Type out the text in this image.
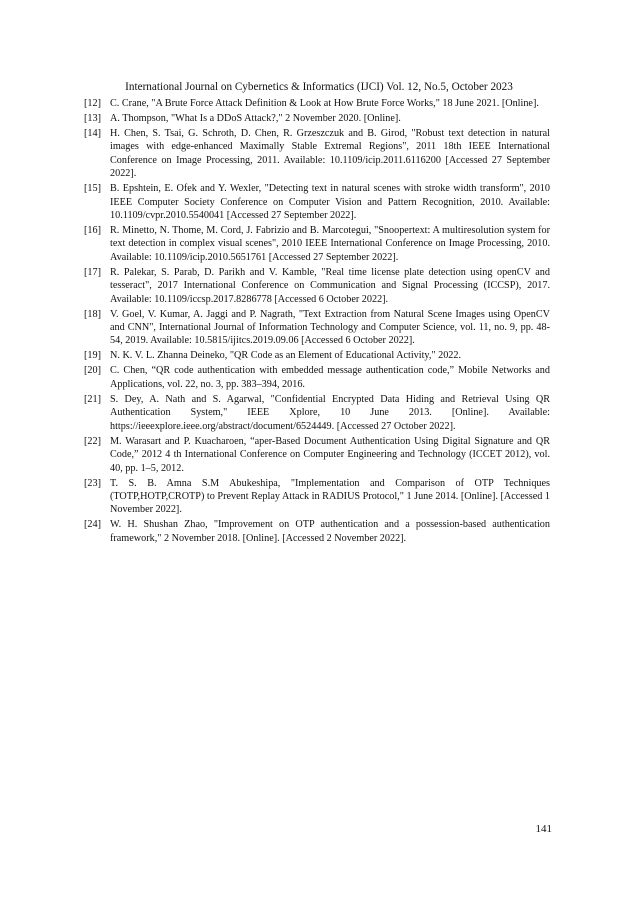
International Journal on Cybernetics & Informatics (IJCI) Vol. 12, No.5, October 2023
[12] C. Crane, "A Brute Force Attack Definition & Look at How Brute Force Works," 18 June 2021. [Online].
[13] A. Thompson, "What Is a DDoS Attack?," 2 November 2020. [Online].
[14] H. Chen, S. Tsai, G. Schroth, D. Chen, R. Grzeszczuk and B. Girod, "Robust text detection in natural images with edge-enhanced Maximally Stable Extremal Regions", 2011 18th IEEE International Conference on Image Processing, 2011. Available: 10.1109/icip.2011.6116200 [Accessed 27 September 2022].
[15] B. Epshtein, E. Ofek and Y. Wexler, "Detecting text in natural scenes with stroke width transform", 2010 IEEE Computer Society Conference on Computer Vision and Pattern Recognition, 2010. Available: 10.1109/cvpr.2010.5540041 [Accessed 27 September 2022].
[16] R. Minetto, N. Thome, M. Cord, J. Fabrizio and B. Marcotegui, "Snoopertext: A multiresolution system for text detection in complex visual scenes", 2010 IEEE International Conference on Image Processing, 2010. Available: 10.1109/icip.2010.5651761 [Accessed 27 September 2022].
[17] R. Palekar, S. Parab, D. Parikh and V. Kamble, "Real time license plate detection using openCV and tesseract", 2017 International Conference on Communication and Signal Processing (ICCSP), 2017. Available: 10.1109/iccsp.2017.8286778 [Accessed 6 October 2022].
[18] V. Goel, V. Kumar, A. Jaggi and P. Nagrath, "Text Extraction from Natural Scene Images using OpenCV and CNN", International Journal of Information Technology and Computer Science, vol. 11, no. 9, pp. 48-54, 2019. Available: 10.5815/ijitcs.2019.09.06 [Accessed 6 October 2022].
[19] N. K. V. L. Zhanna Deineko, "QR Code as an Element of Educational Activity," 2022.
[20] C. Chen, “QR code authentication with embedded message authentication code,” Mobile Networks and Applications, vol. 22, no. 3, pp. 383–394, 2016.
[21] S. Dey, A. Nath and S. Agarwal, "Confidential Encrypted Data Hiding and Retrieval Using QR Authentication System," IEEE Xplore, 10 June 2013. [Online]. Available: https://ieeexplore.ieee.org/abstract/document/6524449. [Accessed 27 October 2022].
[22] M. Warasart and P. Kuacharoen, “aper-Based Document Authentication Using Digital Signature and QR Code,” 2012 4 th International Conference on Computer Engineering and Technology (ICCET 2012), vol. 40, pp. 1–5, 2012.
[23] T. S. B. Amna S.M Abukeshipa, "Implementation and Comparison of OTP Techniques (TOTP,HOTP,CROTP) to Prevent Replay Attack in RADIUS Protocol," 1 June 2014. [Online]. [Accessed 1 November 2022].
[24] W. H. Shushan Zhao, "Improvement on OTP authentication and a possession-based authentication framework," 2 November 2018. [Online]. [Accessed 2 November 2022].
141
